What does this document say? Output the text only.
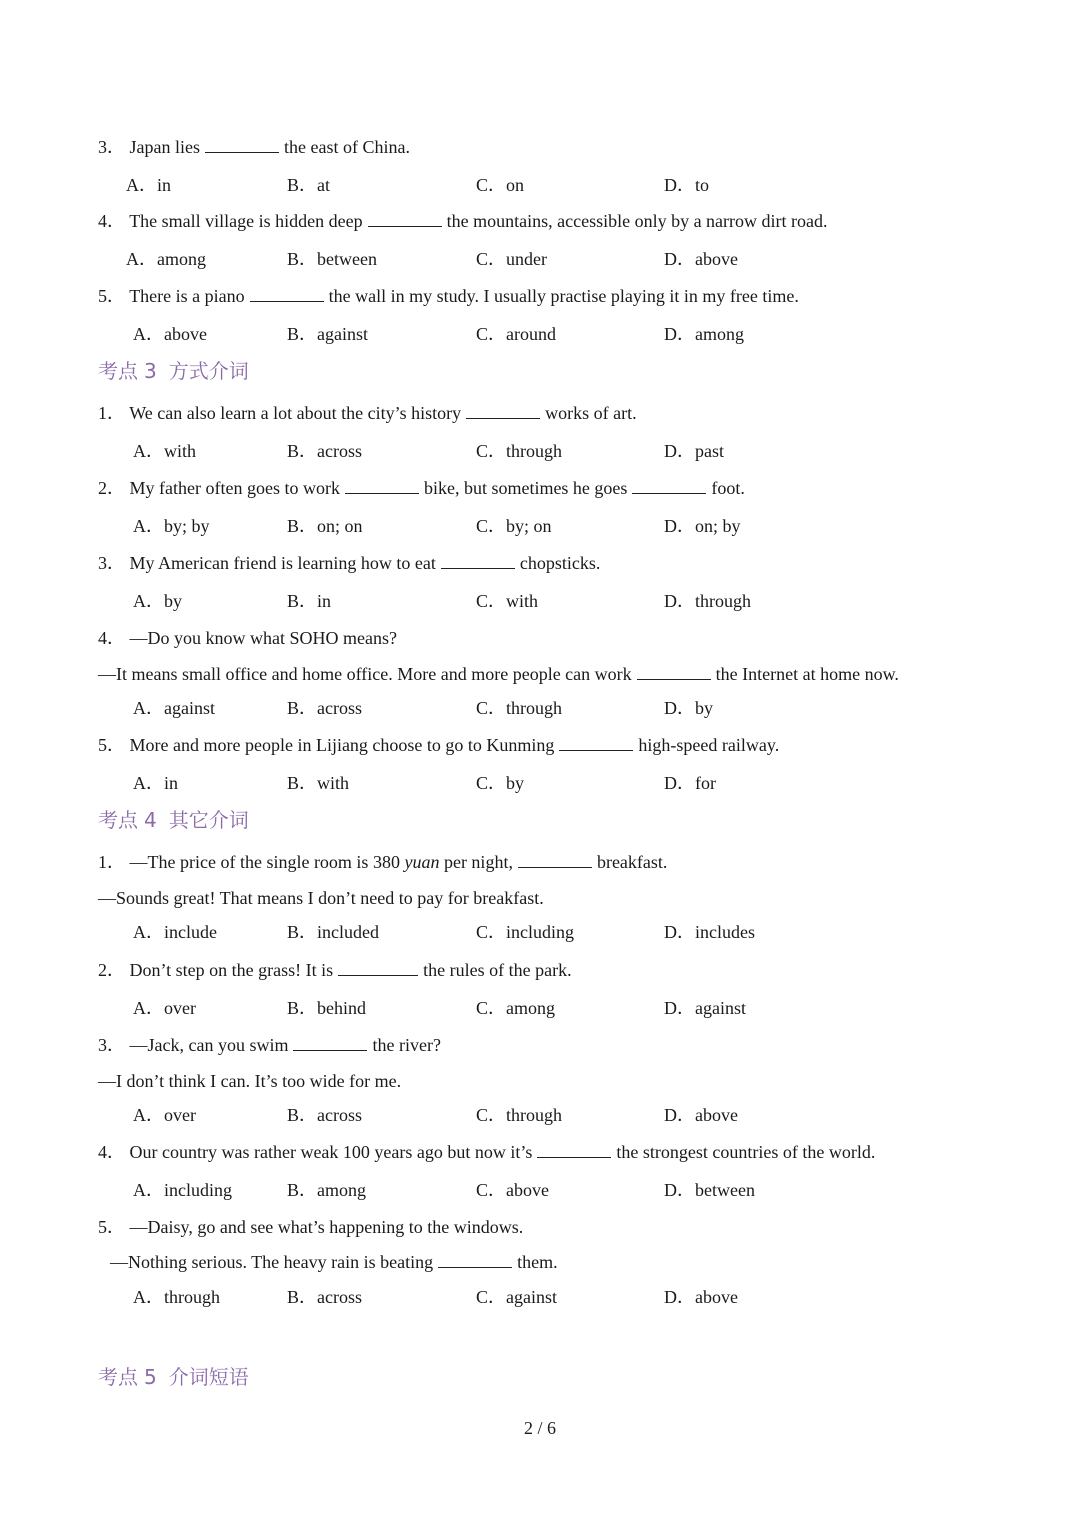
3． Japan lies	the east of China.
A．in	B．at	C．on	D．to
4． The small village is hidden deep	the mountains, accessible only by a narrow dirt road.
A．among	B．between	C．under	D．above
5． There is a piano	the wall in my study. I usually practise playing it in my free time.
A．above	B．against	C．around	D．among
考点 3 方式介词
1． We can also learn a lot about the city’s history	works of art.
A．with	B．across	C．through	D．past
2． My father often goes to work	bike, but sometimes he goes	foot.
A．by; by	B．on; on	C．by; on	D．on; by
3． My American friend is learning how to eat	chopsticks.
A．by	B．in	C．with	D．through
4． —Do you know what SOHO means?
—It means small office and home office. More and more people can work	the Internet at home now.
A．against	B．across	C．through	D．by
5． More and more people in Lijiang choose to go to Kunming	high-speed railway.
A．in	B．with	C．by	D．for
考点 4 其它介词
1． —The price of the single room is 380 yuan per night,	breakfast.
—Sounds great! That means I don’t need to pay for breakfast.
A．include	B．included	C．including	D．includes
2． Don’t step on the grass! It is	the rules of the park.
A．over	B．behind	C．among	D．against
3． —Jack, can you swim	the river?
—I don’t think I can. It’s too wide for me.
A．over	B．across	C．through	D．above
4． Our country was rather weak 100 years ago but now it’s	the strongest countries of the world.
A．including	B．among	C．above	D．between
5． —Daisy, go and see what’s happening to the windows.
—Nothing serious. The heavy rain is beating	them.
A．through	B．across	C．against	D．above
考点 5 介词短语
2 / 6
